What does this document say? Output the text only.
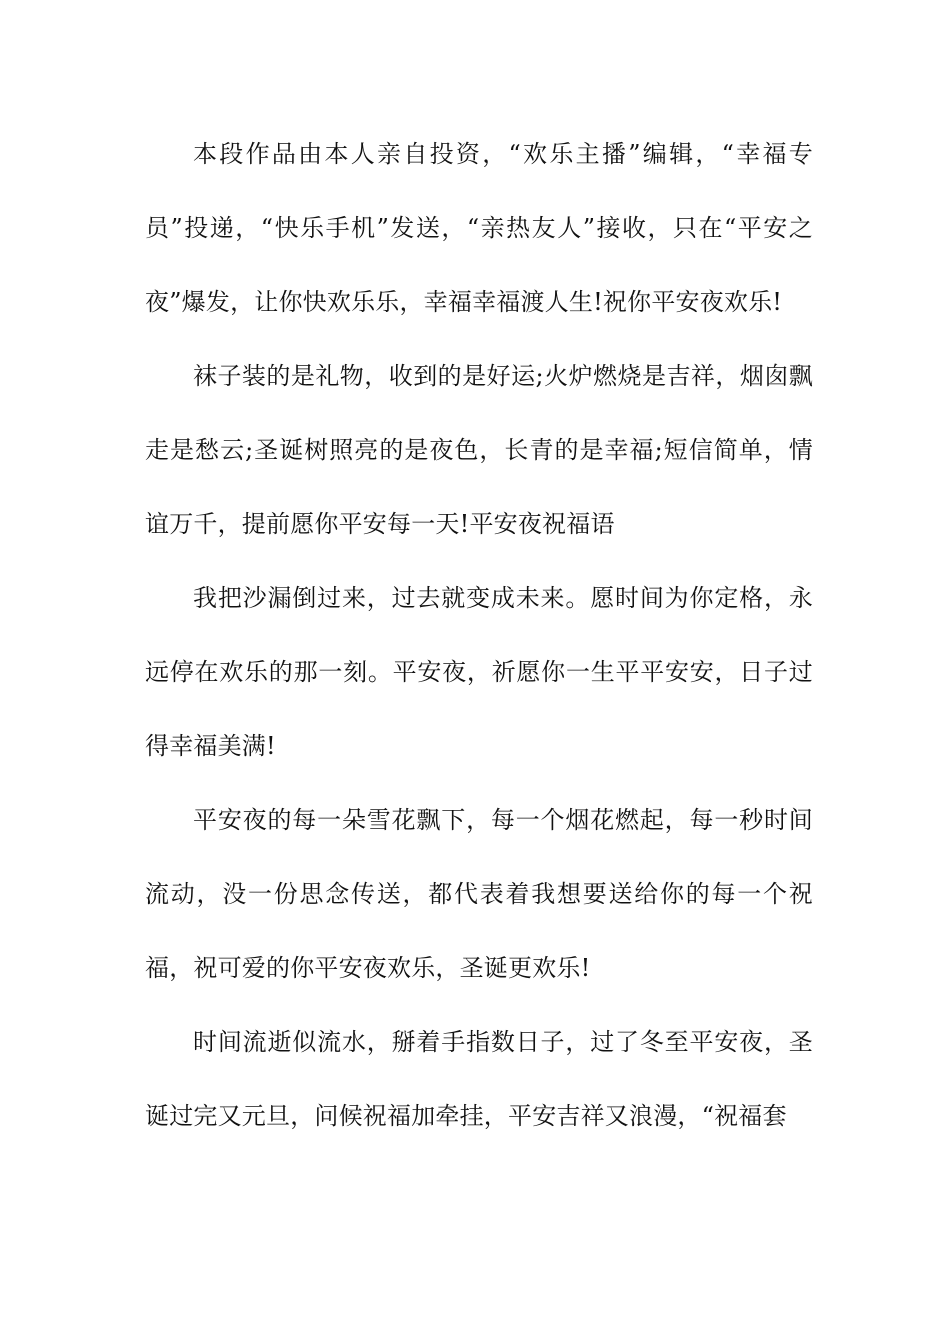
本段作品由本人亲自投资，“欢乐主播”编辑，“幸福专员”投递，“快乐手机”发送，“亲热友人”接收，只在“平安之夜”爆发，让你快欢乐乐，幸福幸福渡人生!祝你平安夜欢乐!

袜子装的是礼物，收到的是好运;火炉燃烧是吉祥，烟囱飘走是愁云;圣诞树照亮的是夜色，长青的是幸福;短信简单，情谊万千，提前愿你平安每一天!平安夜祝福语

我把沙漏倒过来，过去就变成未来。愿时间为你定格，永远停在欢乐的那一刻。平安夜，祈愿你一生平平安安，日子过得幸福美满!

平安夜的每一朵雪花飘下，每一个烟花燃起，每一秒时间流动，没一份思念传送，都代表着我想要送给你的每一个祝福，祝可爱的你平安夜欢乐，圣诞更欢乐!

时间流逝似流水，掰着手指数日子，过了冬至平安夜，圣诞过完又元旦，问候祝福加牵挂，平安吉祥又浪漫，“祝福套
